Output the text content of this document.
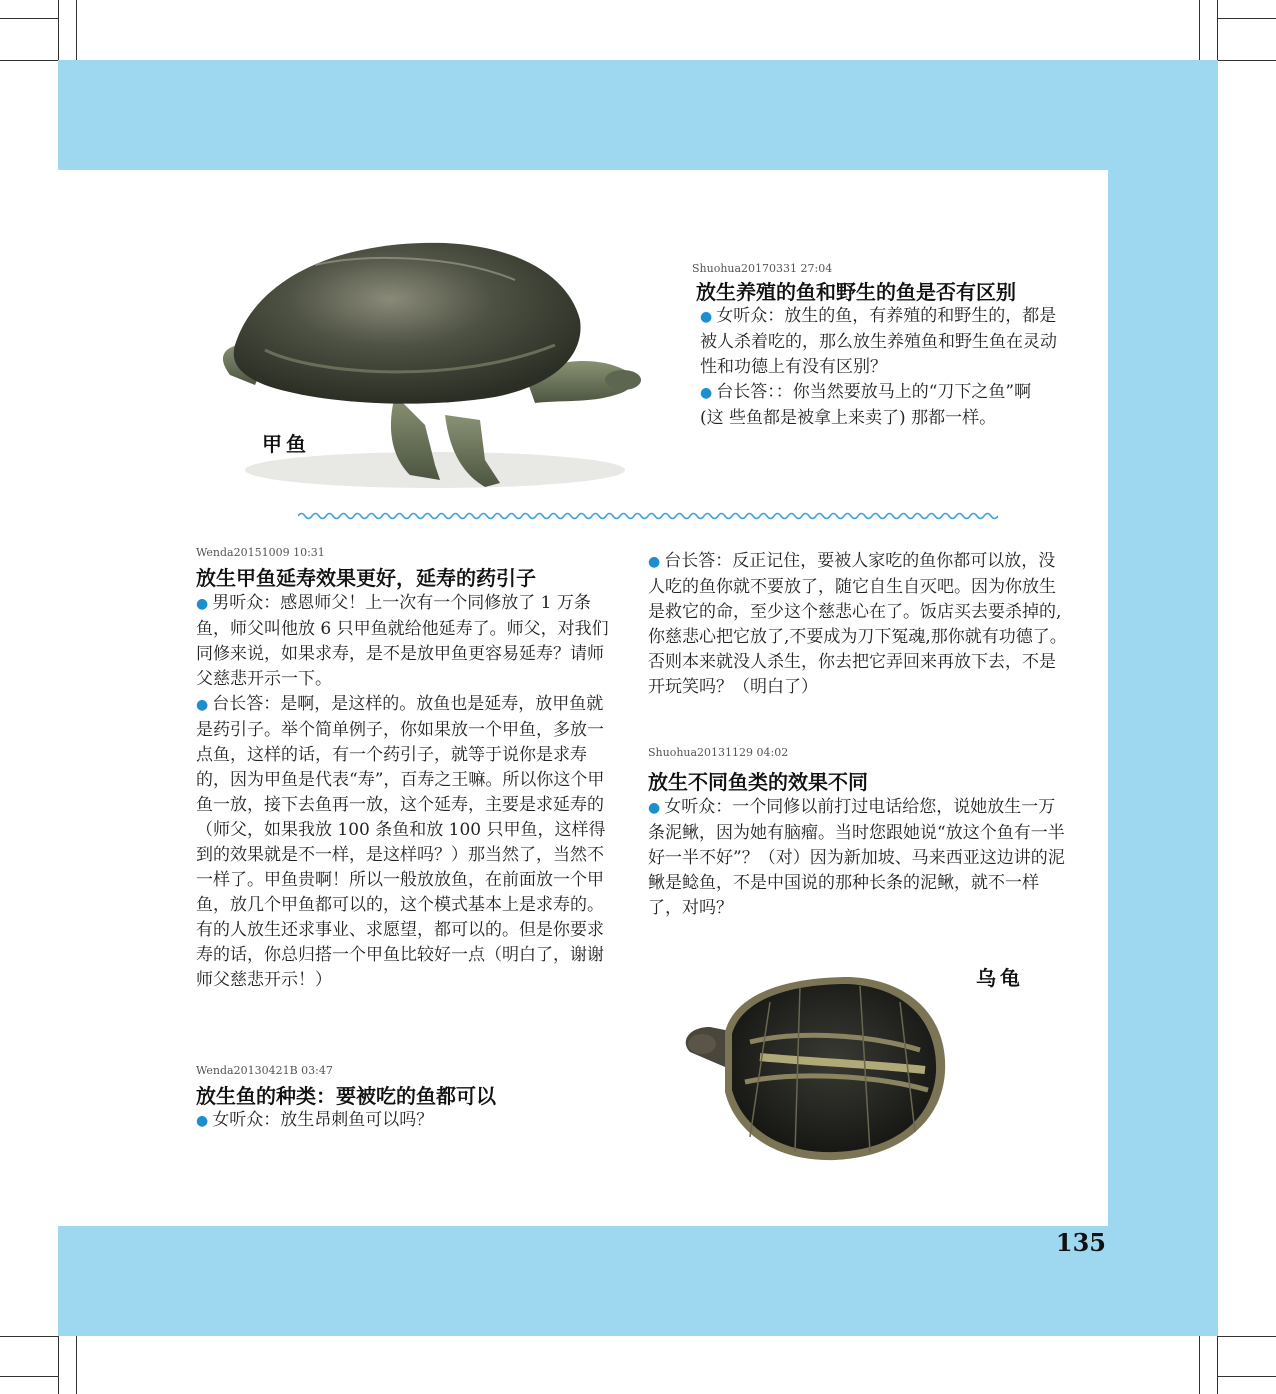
甲鱼
Shuohua20170331 27:04
放生养殖的鱼和野生的鱼是否有区别

● 女听众：放生的鱼，有养殖的和野生的，都是被人杀着吃的，那么放生养殖鱼和野生鱼在灵动性和功德上有没有区别？

● 台长答：：你当然要放马上的“刀下之鱼”啊 (这 些鱼都是被拿上来卖了) 那都一样。

Wenda20151009 10:31
放生甲鱼延寿效果更好，延寿的药引子

● 男听众：感恩师父！上一次有一个同修放了 1 万条鱼，师父叫他放 6 只甲鱼就给他延寿了。师父，对我们同修来说，如果求寿，是不是放甲鱼更容易延寿？请师父慈悲开示一下。

● 台长答：是啊，是这样的。放鱼也是延寿，放甲鱼就是药引子。举个简单例子，你如果放一个甲鱼，多放一点鱼，这样的话，有一个药引子，就等于说你是求寿的，因为甲鱼是代表“寿”，百寿之王嘛。所以你这个甲鱼一放，接下去鱼再一放，这个延寿，主要是求延寿的（师父，如果我放 100 条鱼和放 100 只甲鱼，这样得到的效果就是不一样，是这样吗？）那当然了，当然不一样了。甲鱼贵啊！所以一般放放鱼，在前面放一个甲鱼，放几个甲鱼都可以的，这个模式基本上是求寿的。有的人放生还求事业、求愿望，都可以的。但是你要求寿的话，你总归搭一个甲鱼比较好一点（明白了，谢谢师父慈悲开示！）

Wenda20130421B 03:47
放生鱼的种类：要被吃的鱼都可以

● 女听众：放生昂刺鱼可以吗？

● 台长答：反正记住，要被人家吃的鱼你都可以放，没人吃的鱼你就不要放了，随它自生自灭吧。因为你放生是救它的命，至少这个慈悲心在了。饭店买去要杀掉的,你慈悲心把它放了,不要成为刀下冤魂,那你就有功德了。否则本来就没人杀生，你去把它弄回来再放下去，不是开玩笑吗？（明白了）

Shuohua20131129 04:02
放生不同鱼类的效果不同

● 女听众：一个同修以前打过电话给您，说她放生一万条泥鳅，因为她有脑瘤。当时您跟她说“放这个鱼有一半好一半不好”？（对）因为新加坡、马来西亚这边讲的泥鳅是鲶鱼，不是中国说的那种长条的泥鳅，就不一样了，对吗？

乌龟
135
